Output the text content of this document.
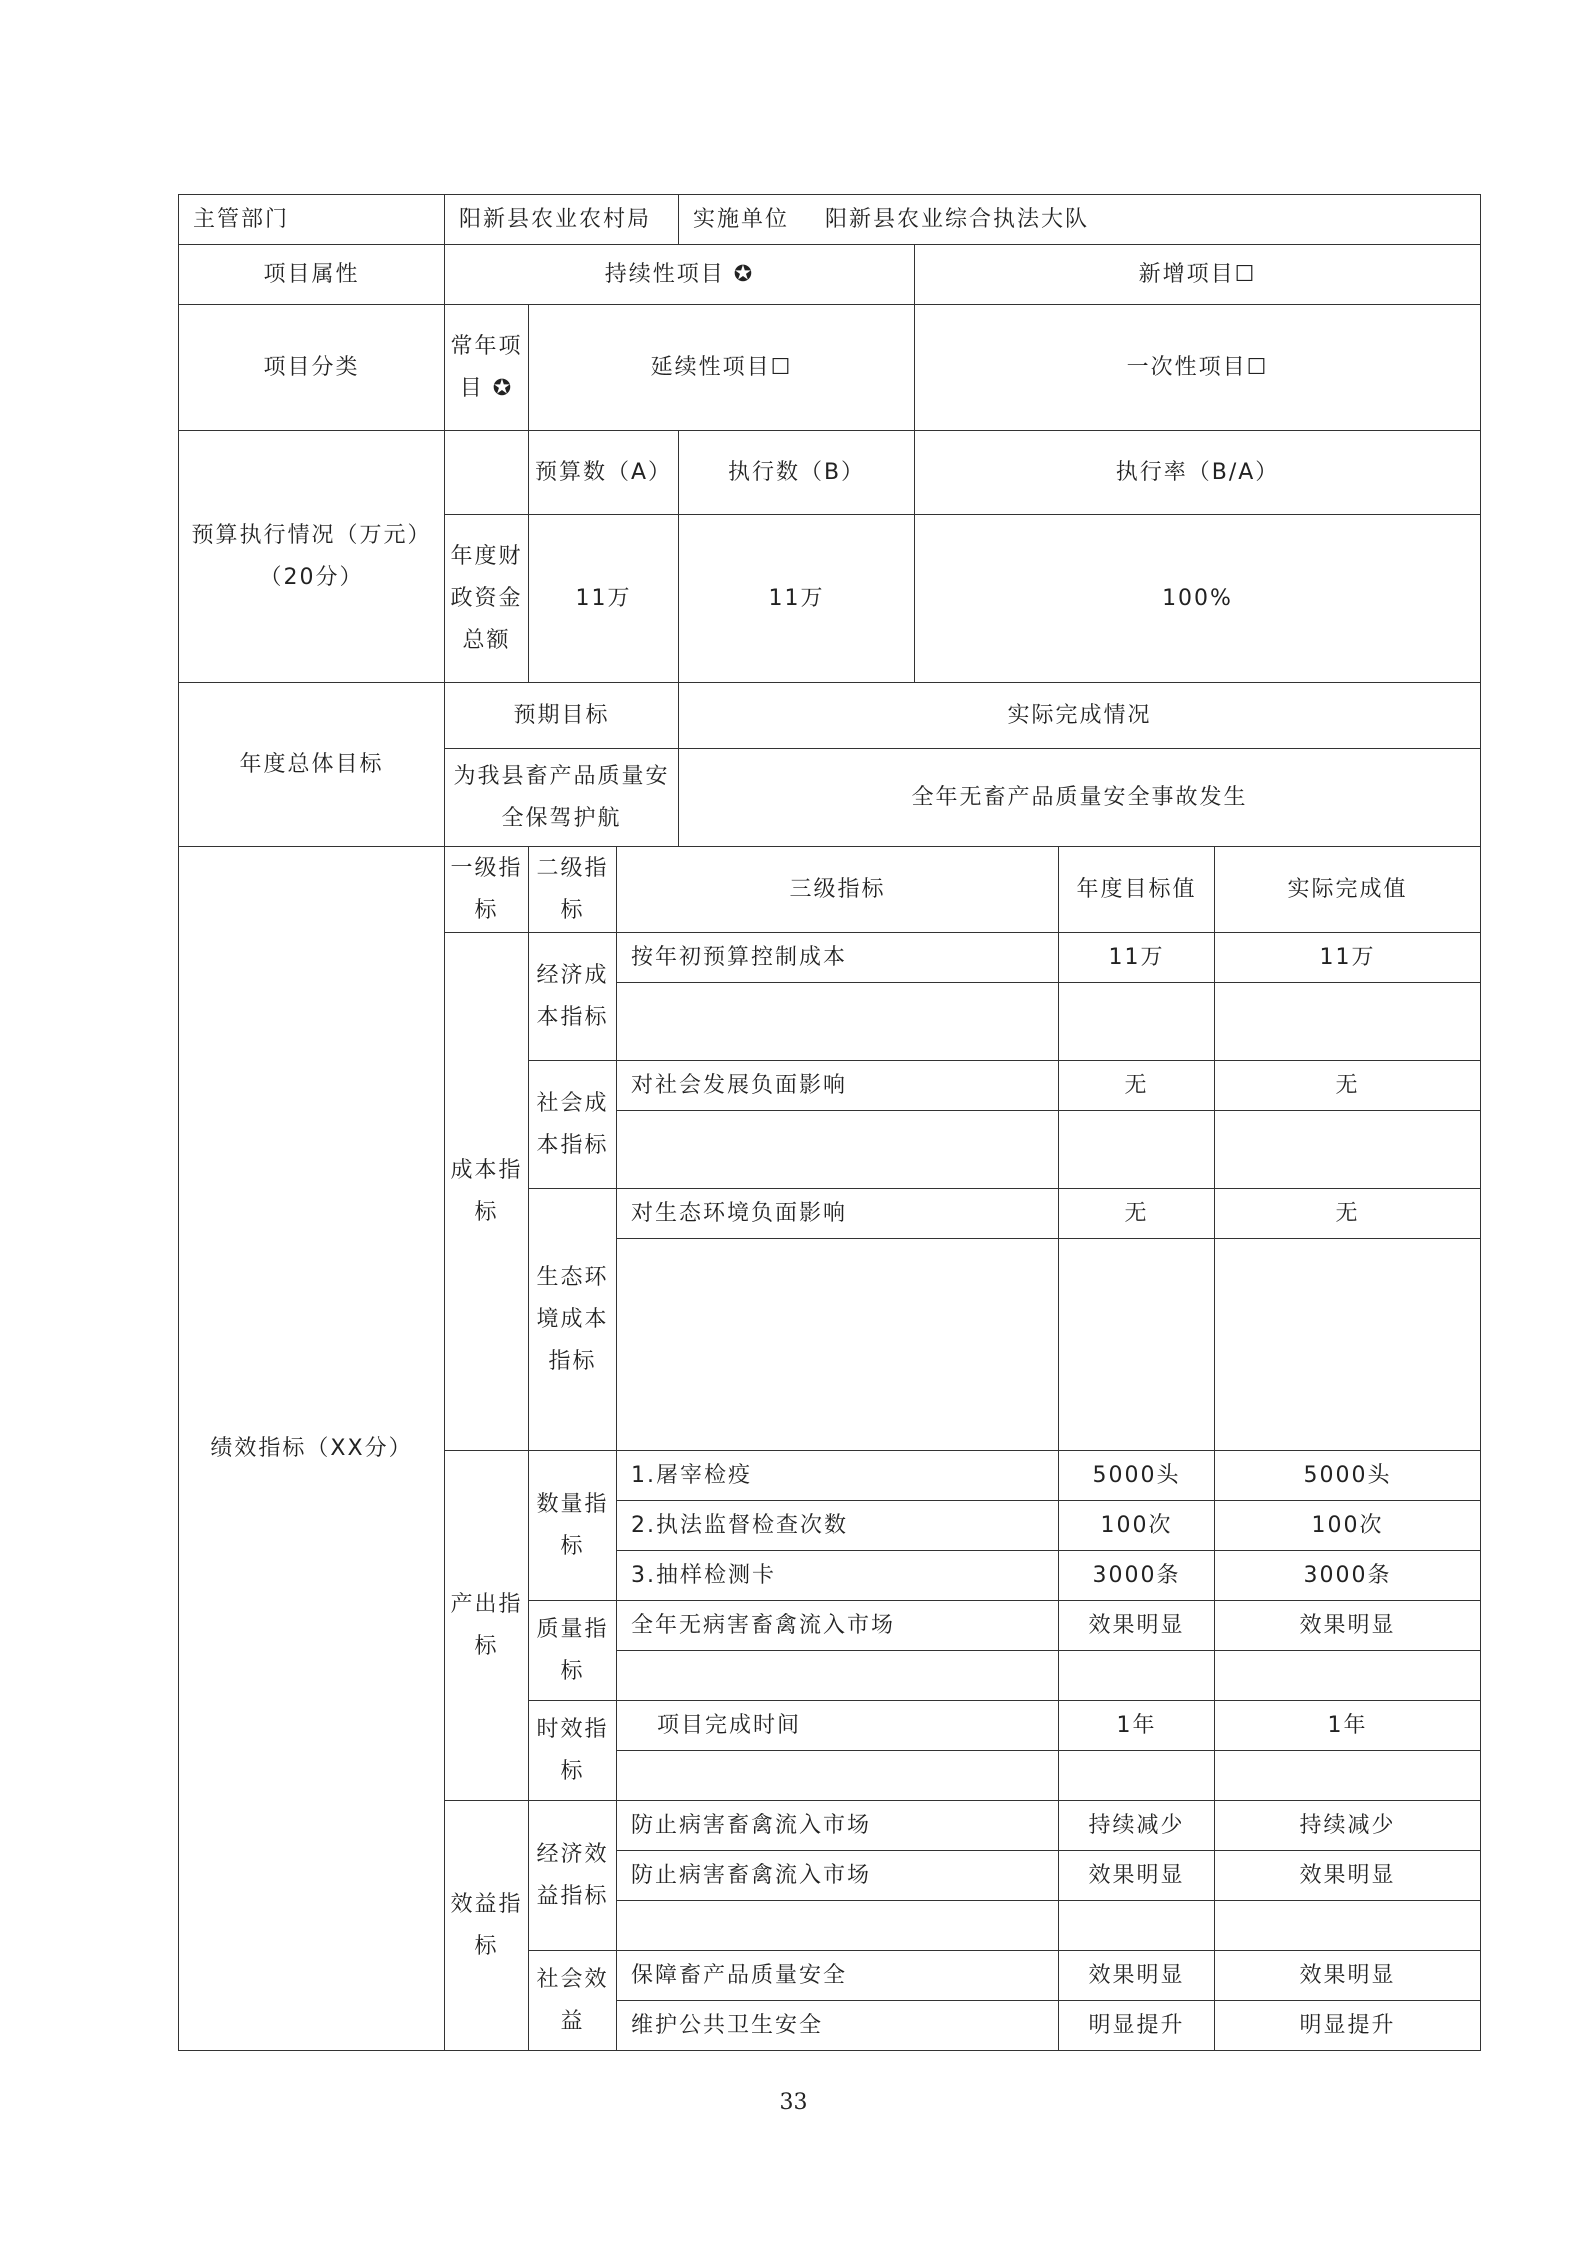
主管部门	阳新县农业农村局		实施单位 阳新县农业综合执法大队	
项目属性	持续性项目 ✪			新增项目☐
项目分类	常年项目 ✪	延续性项目☐		一次性项目☐
预算执行情况（万元） （20分）		预算数（A）	执行数（B）	执行率（B/A）
	年度财政资金总额	11万	11万	100%
年度总体目标	预期目标	实际完成情况
	为我县畜产品质量安全保驾护航	全年无畜产品质量安全事故发生
绩效指标（XX分）	一级指标	二级指标	三级指标	年度目标值	实际完成值
	成本指标	经济成本指标	按年初预算控制成本	11万	11万

		社会成本指标	对社会发展负面影响	无	无

		生态环境成本指标	对生态环境负面影响	无	无

	产出指标	数量指标	1.屠宰检疫	5000头	5000头
			2.执法监督检查次数	100次	100次
			3.抽样检测卡	3000条	3000条
		质量指标	全年无病害畜禽流入市场	效果明显	效果明显

		时效指标	项目完成时间	1年	1年

	效益指标	经济效益指标	防止病害畜禽流入市场	持续减少	持续减少
			防止病害畜禽流入市场	效果明显	效果明显

		社会效益	保障畜产品质量安全	效果明显	效果明显
			维护公共卫生安全	明显提升	明显提升
33
